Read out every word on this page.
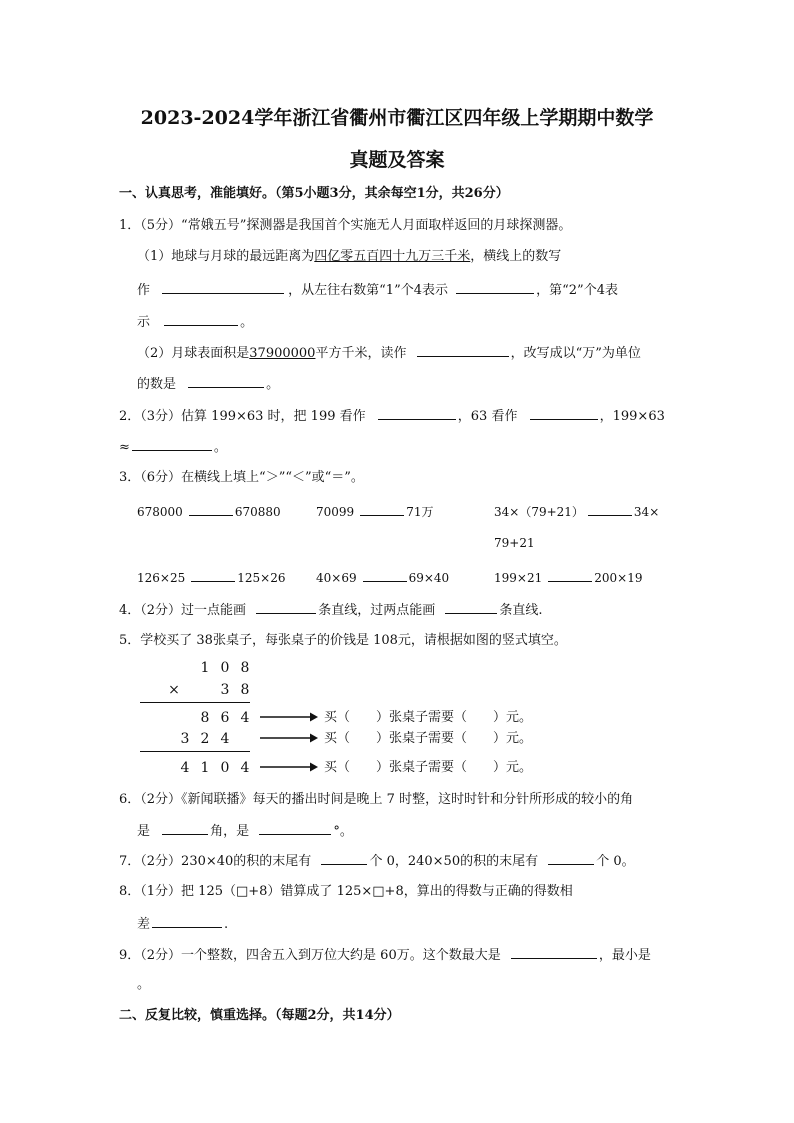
2023-2024学年浙江省衢州市衢江区四年级上学期期中数学
真题及答案
一、认真思考，准能填好。（第5小题3分，其余每空1分，共26分）
1．（5分）“常娥五号”探测器是我国首个实施无人月面取样返回的月球探测器。
（1）地球与月球的最远距离为四亿零五百四十九万三千米，横线上的数写
作	，从左往右数第“1”个4表示	，第“2”个4表
示	。
（2）月球表面积是37900000平方千米，读作	，改写成以“万”为单位
的数是	。
2．（3分）估算 199×63 时，把 199 看作	，63 看作	，199×63
≈	。
3．（6分）在横线上填上“＞”“＜”或“＝”。
678000	670880	70099	71万	34×（79+21）	34×
79+21
126×25	125×26	40×69	69×40	199×21	200×19
4．（2分）过一点能画	条直线，过两点能画	条直线.
5．学校买了 38张桌子，每张桌子的价钱是 108元，请根据如图的竖式填空。
1 0 8
×	3 8
8 6 4
3 2 4
4 1 0 4
买（　　）张桌子需要（　　）元。
买（　　）张桌子需要（　　）元。
买（　　）张桌子需要（　　）元。
6．（2分）《新闻联播》每天的播出时间是晚上 7 时整，这时时针和分针所形成的较小的角
是	角，是	°。
7．（2分）230×40的积的末尾有	个 0，240×50的积的末尾有	个 0。
8．（1分）把 125（□+8）错算成了 125×□+8，算出的得数与正确的得数相
差	.
9．（2分）一个整数，四舍五入到万位大约是 60万。这个数最大是	，最小是
。
二、反复比较，慎重选择。（每题2分，共14分）
